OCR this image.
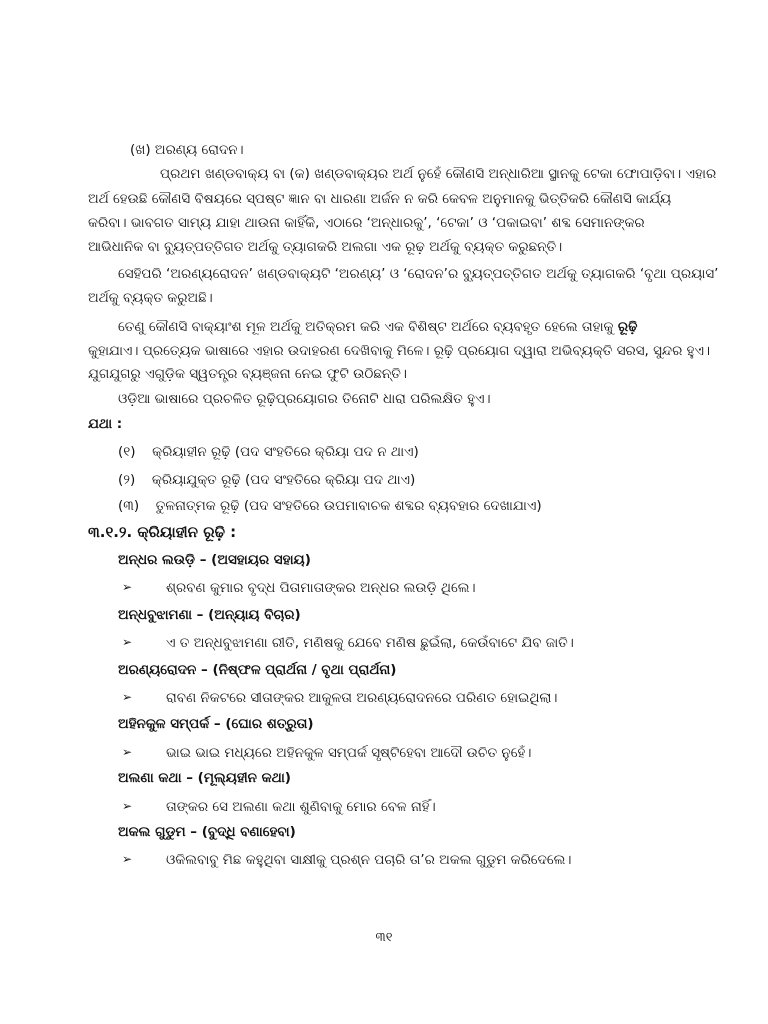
(ଖ) ଅରଣ୍ୟ ରୋଦନ।
ପ୍ରଥମ ଖଣ୍ଡବାକ୍ୟ ବା (କ) ଖଣ୍ଡବାକ୍ୟର ଅର୍ଥ ନୁହେଁ କୌଣସି ଅନ୍ଧାରିଆ ସ୍ଥାନକୁ ଟେକା ଫୋପାଡ଼ିବା। ଏହାର
ଅର୍ଥ ହେଉଛି କୌଣସି ବିଷୟରେ ସ୍ପଷ୍ଟ ଜ୍ଞାନ ବା ଧାରଣା ଅର୍ଜନ ନ କରି କେବଳ ଅନୁମାନକୁ ଭିତ୍ତିକରି କୌଣସି କାର୍ଯ୍ୟ
କରିବା। ଭାବଗତ ସାମ୍ୟ ଯାହା ଥାଉନା କାହିଁକି, ଏଠାରେ ‘ଅନ୍ଧାରକୁ’, ‘ଟେକା’ ଓ ‘ପକାଇବା’ ଶବ୍ଦ ସେମାନଙ୍କର
ଆଭିଧାନିକ ବା ବ୍ୟୁତ୍ପତ୍ତିଗତ ଅର୍ଥକୁ ତ୍ୟାଗକରି ଅଲଗା ଏକ ରୂଢ଼ ଅର୍ଥକୁ ବ୍ୟକ୍ତ କରୁଛନ୍ତି।
ସେହିପରି ‘ଅରଣ୍ୟରୋଦନ’ ଖଣ୍ଡବାକ୍ୟଟି ‘ଅରଣ୍ୟ’ ଓ ‘ରୋଦନ’ର ବ୍ୟୁତ୍ପତ୍ତିଗତ ଅର୍ଥକୁ ତ୍ୟାଗକରି ‘ବୃଥା ପ୍ରୟାସ’
ଅର୍ଥକୁ ବ୍ୟକ୍ତ କରୁଅଛି।
ତେଣୁ କୌଣସି ବାକ୍ୟାଂଶ ମୂଳ ଅର୍ଥକୁ ଅତିକ୍ରମ କରି ଏକ ବିଶିଷ୍ଟ ଅର୍ଥରେ ବ୍ୟବହୃତ ହେଲେ ତାହାକୁ ରୂଢ଼ି
କୁହାଯାଏ। ପ୍ରତ୍ୟେକ ଭାଷାରେ ଏହାର ଉଦାହରଣ ଦେଖିବାକୁ ମିଳେ। ରୂଢ଼ି ପ୍ରୟୋଗ ଦ୍ୱାରା ଅଭିବ୍ୟକ୍ତି ସରସ, ସୁନ୍ଦର ହୁଏ।
ଯୁଗଯୁଗରୁ ଏଗୁଡ଼ିକ ସ୍ୱତନ୍ତ୍ର ବ୍ୟଞ୍ଜନା ନେଇ ଫୁଟି ଉଠିଛନ୍ତି।
ଓଡ଼ିଆ ଭାଷାରେ ପ୍ରଚଳିତ ରୂଢ଼ିପ୍ରୟୋଗର ତିନୋଟି ଧାରା ପରିଲକ୍ଷିତ ହୁଏ।
ଯଥା :
(୧) କ୍ରିୟାହୀନ ରୂଢ଼ି (ପଦ ସଂହତିରେ କ୍ରିୟା ପଦ ନ ଥାଏ)
(୨) କ୍ରିୟାଯୁକ୍ତ ରୂଢ଼ି (ପଦ ସଂହତିରେ କ୍ରିୟା ପଦ ଥାଏ)
(୩) ତୁଳନାତ୍ମକ ରୂଢ଼ି (ପଦ ସଂହତିରେ ଉପମାବାଚକ ଶବ୍ଦର ବ୍ୟବହାର ଦେଖାଯାଏ)
୩.୧.୨. କ୍ରିୟାହୀନ ରୂଢ଼ି :
ଅନ୍ଧର ଲଉଡ଼ି – (ଅସହାୟର ସହାୟ)
➢	ଶ୍ରବଣ କୁମାର ବୃଦ୍ଧ ପିତାମାତାଙ୍କର ଅନ୍ଧର ଲଉଡ଼ି ଥିଲେ।
ଅନ୍ଧବୁଝାମଣା – (ଅନ୍ୟାୟ ବିଚାର)
➢	ଏ ତ ଅନ୍ଧବୁଝାମଣା ରୀତି, ମଣିଷକୁ ଯେବେ ମଣିଷ ଛୁଇଁଲା, କେଉଁବାଟେ ଯିବ ଜାତି।
ଅରଣ୍ୟରୋଦନ – (ନିଷ୍ଫଳ ପ୍ରାର୍ଥନା / ବୃଥା ପ୍ରାର୍ଥନା)
➢	ରାବଣ ନିକଟରେ ସୀତାଙ୍କର ଆକୁଳତା ଅରଣ୍ୟରୋଦନରେ ପରିଣତ ହୋଇଥିଲା।
ଅହିନକୁଳ ସମ୍ପର୍କ – (ଘୋର ଶତ୍ରୁତା)
➢	ଭାଇ ଭାଇ ମଧ୍ୟରେ ଅହିନକୁଳ ସମ୍ପର୍କ ସୃଷ୍ଟିହେବା ଆଦୌ ଉଚିତ ନୁହେଁ।
ଅଲଣା କଥା – (ମୂଲ୍ୟହୀନ କଥା)
➢	ତାଙ୍କର ସେ ଅଲଣା କଥା ଶୁଣିବାକୁ ମୋର ବେଳ ନାହିଁ।
ଅକଲ ଗୁଡୁମ – (ବୁଦ୍ଧି ବଣାହେବା)
➢	ଓକିଲବାବୁ ମିଛ କହୁଥିବା ସାକ୍ଷୀକୁ ପ୍ରଶ୍ନ ପଚାରି ତା’ର ଅକଲ ଗୁଡୁମ କରିଦେଲେ।
୩୧
